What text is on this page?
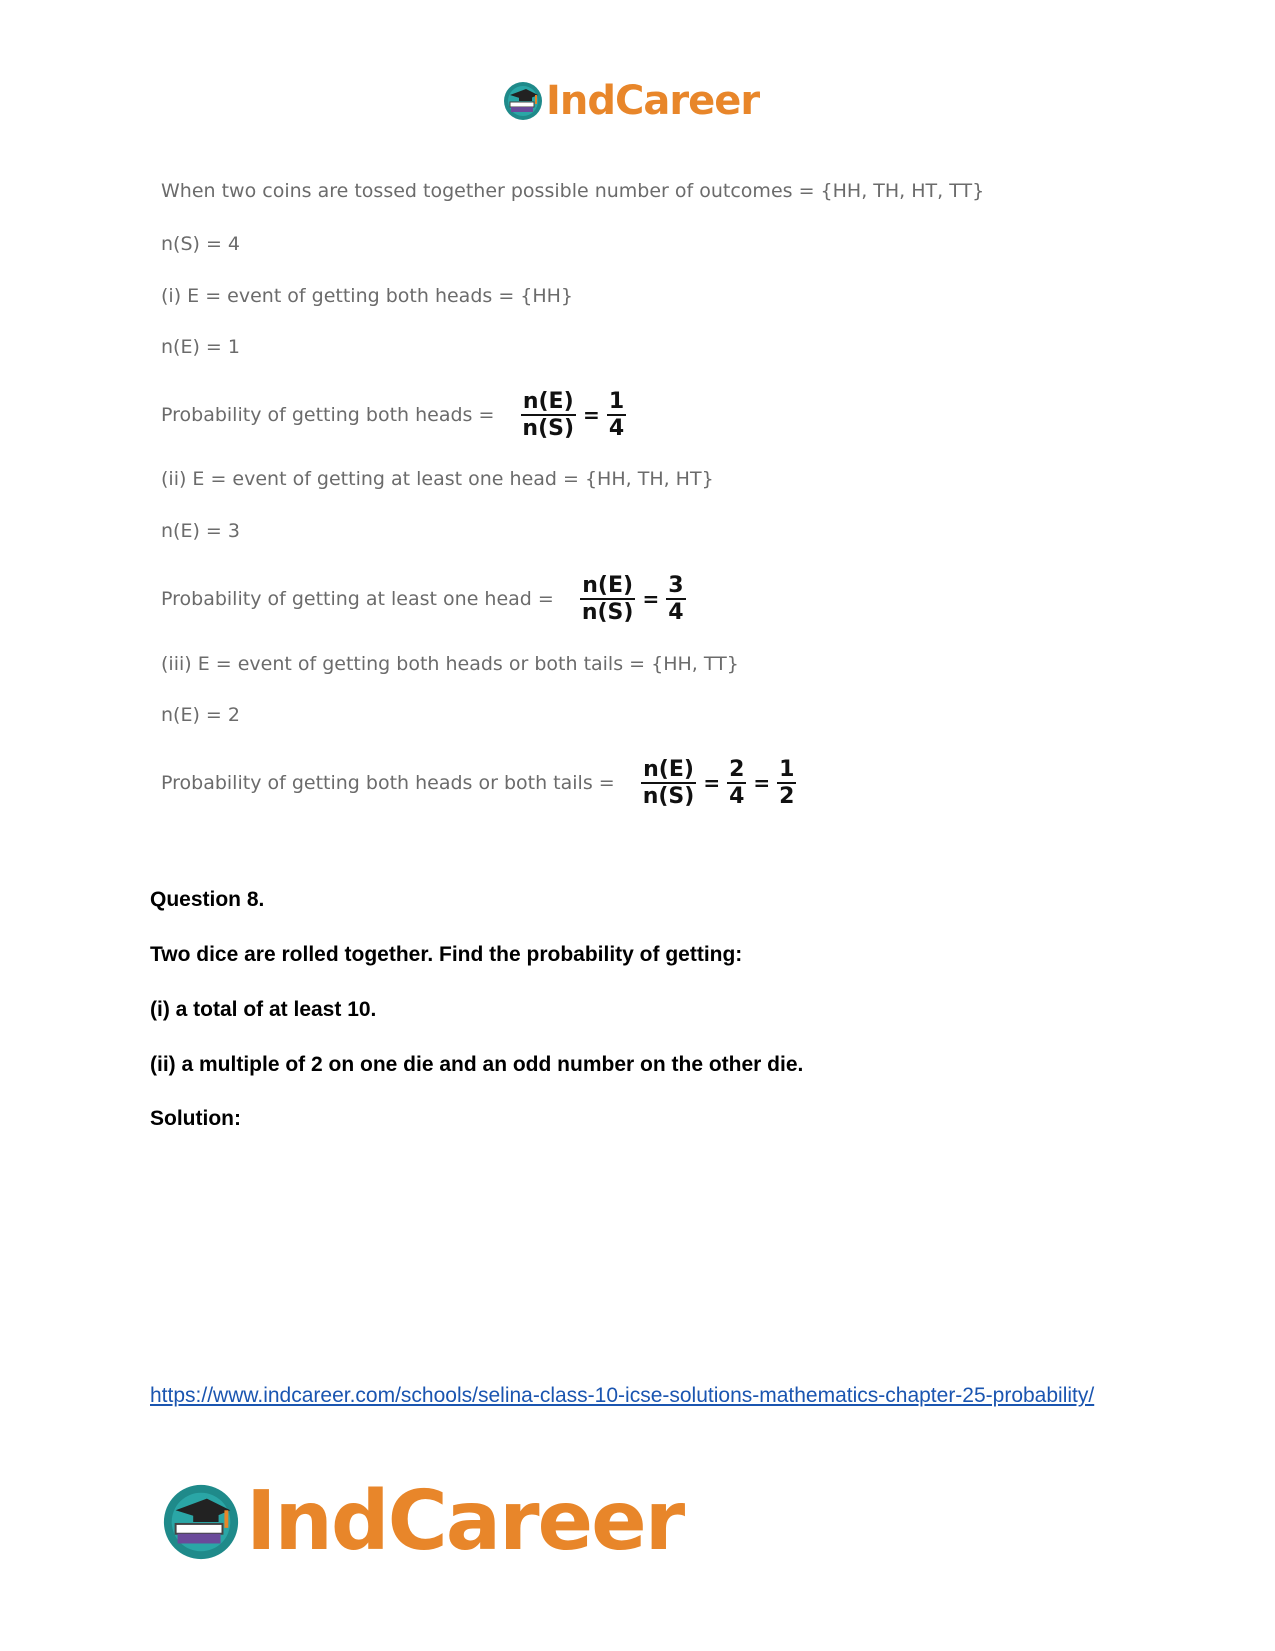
IndCareer
When two coins are tossed together possible number of outcomes = {HH, TH, HT, TT}
n(S) = 4
(i) E = event of getting both heads = {HH}
n(E) = 1
Probability of getting both heads = $\frac{n(E)}{n(S)} = \frac{1}{4}$
(ii) E = event of getting at least one head = {HH, TH, HT}
n(E) = 3
Probability of getting at least one head = $\frac{n(E)}{n(S)} = \frac{3}{4}$
(iii) E = event of getting both heads or both tails = {HH, TT}
n(E) = 2
Probability of getting both heads or both tails = $\frac{n(E)}{n(S)} = \frac{2}{4} = \frac{1}{2}$
Question 8.
Two dice are rolled together. Find the probability of getting:
(i) a total of at least 10.
(ii) a multiple of 2 on one die and an odd number on the other die.
Solution:
https://www.indcareer.com/schools/selina-class-10-icse-solutions-mathematics-chapter-25-probability/
IndCareer
